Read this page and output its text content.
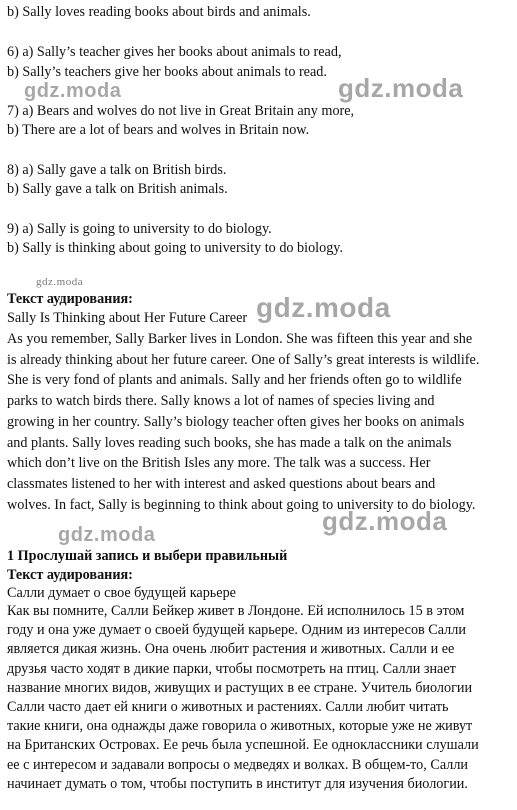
b) Sally loves reading books about birds and animals.
6) a) Sally’s teacher gives her books about animals to read,
b) Sally’s teachers give her books about animals to read.
7) a) Bears and wolves do not live in Great Britain any more,
b) There are a lot of bears and wolves in Britain now.
8) a) Sally gave a talk on British birds.
b) Sally gave a talk on British animals.
9) a) Sally is going to university to do biology.
b) Sally is thinking about going to university to do biology.
Текст аудирования:
Sally Is Thinking about Her Future Career
As you remember, Sally Barker lives in London. She was fifteen this year and she
is already thinking about her future career. One of Sally’s great interests is wildlife.
She is very fond of plants and animals. Sally and her friends often go to wildlife
parks to watch birds there. Sally knows a lot of names of species living and
growing in her country. Sally’s biology teacher often gives her books on animals
and plants. Sally loves reading such books, she has made a talk on the animals
which don’t live on the British Isles any more. The talk was a success. Her
classmates listened to her with interest and asked questions about bears and
wolves. In fact, Sally is beginning to think about going to university to do biology.
1 Прослушай запись и выбери правильный
Текст аудирования:
Салли думает о свое будущей карьере
Как вы помните, Салли Бейкер живет в Лондоне. Ей исполнилось 15 в этом
году и она уже думает о своей будущей карьере. Одним из интересов Салли
является дикая жизнь. Она очень любит растения и животных. Салли и ее
друзья часто ходят в дикие парки, чтобы посмотреть на птиц. Салли знает
название многих видов, живущих и растущих в ее стране. Учитель биологии
Салли часто дает ей книги о животных и растениях. Салли любит читать
такие книги, она однажды даже говорила о животных, которые уже не живут
на Британских Островах. Ее речь была успешной. Ее одноклассники слушали
ее с интересом и задавали вопросы о медведях и волках. В общем-то, Салли
начинает думать о том, чтобы поступить в институт для изучения биологии.
gdz.moda	gdz.moda
gdz.moda
gdz.moda
gdz.moda	gdz.moda
